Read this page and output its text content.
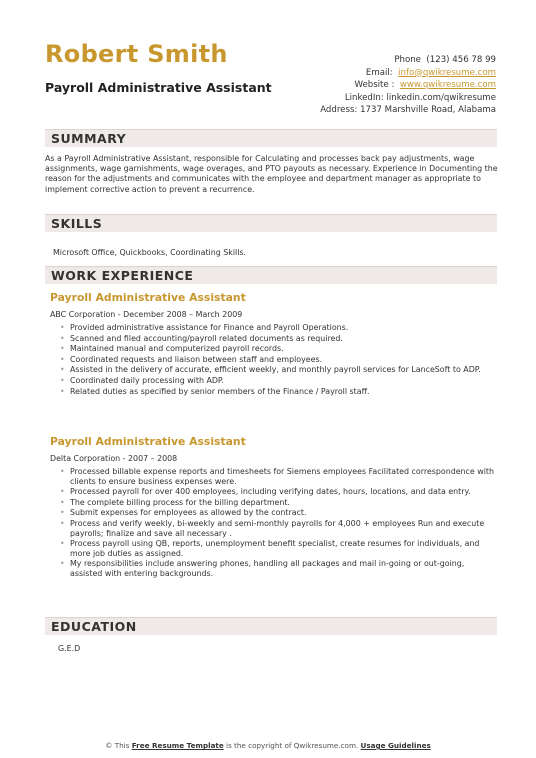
Robert Smith
Payroll Administrative Assistant
Phone (123) 456 78 99
Email: info@qwikresume.com
Website : www.qwikresume.com
LinkedIn: linkedin.com/qwikresume
Address: 1737 Marshville Road, Alabama
SUMMARY
As a Payroll Administrative Assistant, responsible for Calculating and processes back pay adjustments, wage assignments, wage garnishments, wage overages, and PTO payouts as necessary. Experience in Documenting the reason for the adjustments and communicates with the employee and department manager as appropriate to implement corrective action to prevent a recurrence.
SKILLS
Microsoft Office, Quickbooks, Coordinating Skills.
WORK EXPERIENCE
Payroll Administrative Assistant
ABC Corporation - December 2008 – March 2009
• Provided administrative assistance for Finance and Payroll Operations.
• Scanned and filed accounting/payroll related documents as required.
• Maintained manual and computerized payroll records.
• Coordinated requests and liaison between staff and employees.
• Assisted in the delivery of accurate, efficient weekly, and monthly payroll services for LanceSoft to ADP.
• Coordinated daily processing with ADP.
• Related duties as specified by senior members of the Finance / Payroll staff.
Payroll Administrative Assistant
Delta Corporation - 2007 – 2008
• Processed billable expense reports and timesheets for Siemens employees Facilitated correspondence with clients to ensure business expenses were.
• Processed payroll for over 400 employees, including verifying dates, hours, locations, and data entry.
• The complete billing process for the billing department.
• Submit expenses for employees as allowed by the contract.
• Process and verify weekly, bi-weekly and semi-monthly payrolls for 4,000 + employees Run and execute payrolls; finalize and save all necessary .
• Process payroll using QB, reports, unemployment benefit specialist, create resumes for individuals, and more job duties as assigned.
• My responsibilities include answering phones, handling all packages and mail in-going or out-going, assisted with entering backgrounds.
EDUCATION
G.E.D
© This Free Resume Template is the copyright of Qwikresume.com. Usage Guidelines
